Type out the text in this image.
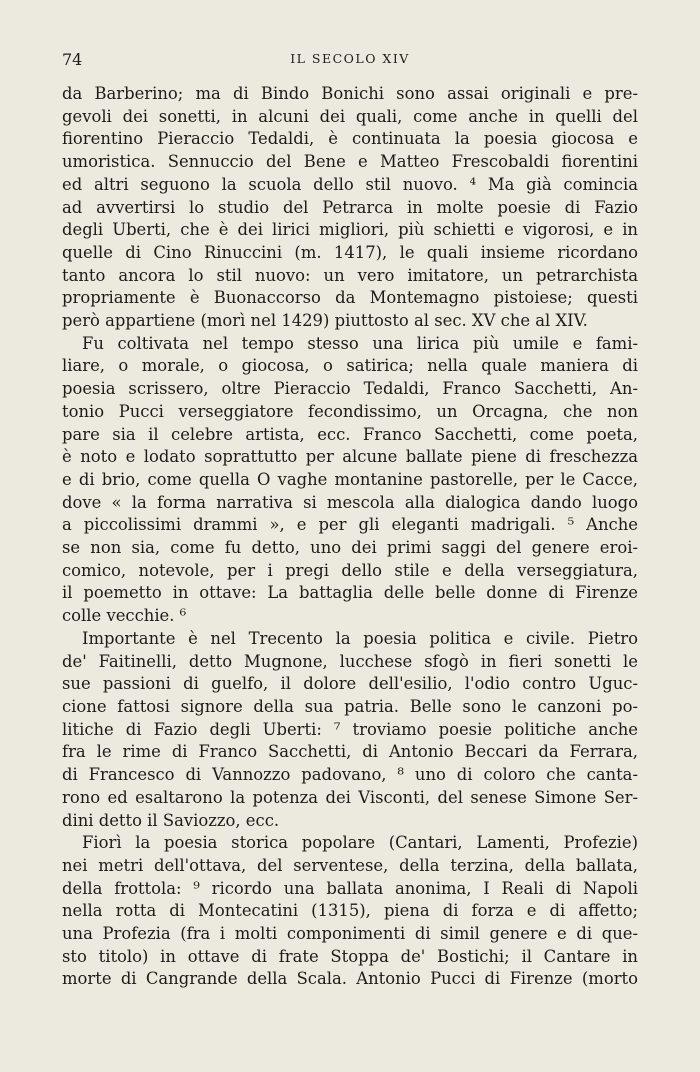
74	IL SECOLO XIV
da Barberino; ma di Bindo Bonichi sono assai originali e pre-
gevoli dei sonetti, in alcuni dei quali, come anche in quelli del
fiorentino Pieraccio Tedaldi, è continuata la poesia giocosa e
umoristica. Sennuccio del Bene e Matteo Frescobaldi fiorentini
ed altri seguono la scuola dello stil nuovo. ⁴ Ma già comincia
ad avvertirsi lo studio del Petrarca in molte poesie di Fazio
degli Uberti, che è dei lirici migliori, più schietti e vigorosi, e in
quelle di Cino Rinuccini (m. 1417), le quali insieme ricordano
tanto ancora lo stil nuovo: un vero imitatore, un petrarchista
propriamente è Buonaccorso da Montemagno pistoiese; questi
però appartiene (morì nel 1429) piuttosto al sec. XV che al XIV.
Fu coltivata nel tempo stesso una lirica più umile e fami-
liare, o morale, o giocosa, o satirica; nella quale maniera di
poesia scrissero, oltre Pieraccio Tedaldi, Franco Sacchetti, An-
tonio Pucci verseggiatore fecondissimo, un Orcagna, che non
pare sia il celebre artista, ecc. Franco Sacchetti, come poeta,
è noto e lodato soprattutto per alcune ballate piene di freschezza
e di brio, come quella O vaghe montanine pastorelle, per le Cacce,
dove « la forma narrativa si mescola alla dialogica dando luogo
a piccolissimi drammi », e per gli eleganti madrigali. ⁵ Anche
se non sia, come fu detto, uno dei primi saggi del genere eroi-
comico, notevole, per i pregi dello stile e della verseggiatura,
il poemetto in ottave: La battaglia delle belle donne di Firenze
colle vecchie. ⁶
Importante è nel Trecento la poesia politica e civile. Pietro
de' Faitinelli, detto Mugnone, lucchese sfogò in fieri sonetti le
sue passioni di guelfo, il dolore dell'esilio, l'odio contro Uguc-
cione fattosi signore della sua patria. Belle sono le canzoni po-
litiche di Fazio degli Uberti: ⁷ troviamo poesie politiche anche
fra le rime di Franco Sacchetti, di Antonio Beccari da Ferrara,
di Francesco di Vannozzo padovano, ⁸ uno di coloro che canta-
rono ed esaltarono la potenza dei Visconti, del senese Simone Ser-
dini detto il Saviozzo, ecc.
Fiorì la poesia storica popolare (Cantari, Lamenti, Profezie)
nei metri dell'ottava, del serventese, della terzina, della ballata,
della frottola: ⁹ ricordo una ballata anonima, I Reali di Napoli
nella rotta di Montecatini (1315), piena di forza e di affetto;
una Profezia (fra i molti componimenti di simil genere e di que-
sto titolo) in ottave di frate Stoppa de' Bostichi; il Cantare in
morte di Cangrande della Scala. Antonio Pucci di Firenze (morto
